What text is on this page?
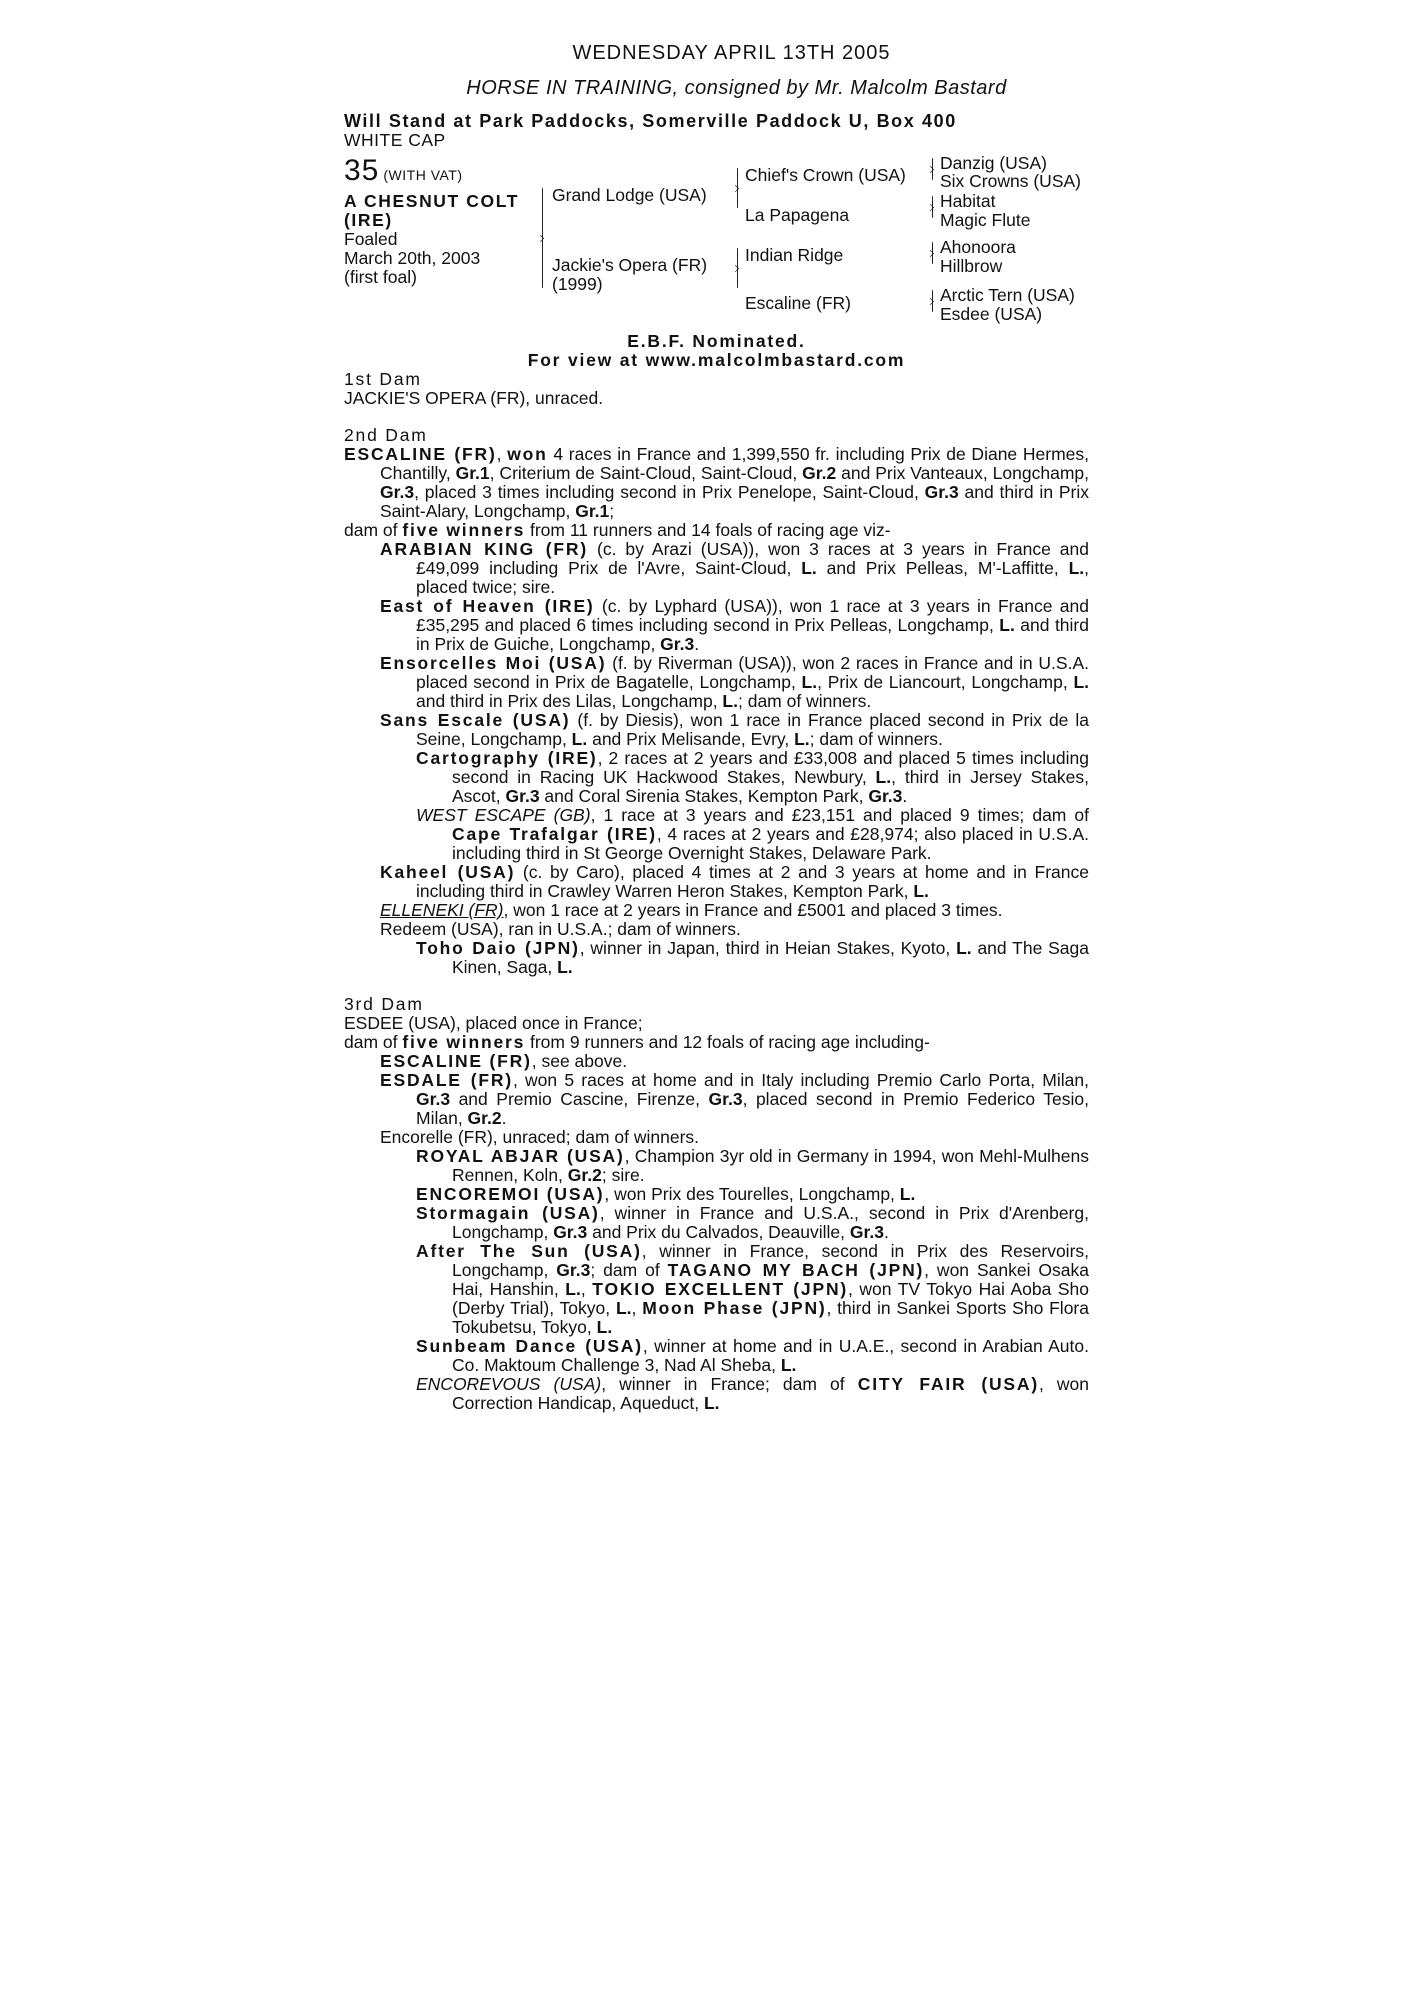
WEDNESDAY APRIL 13TH 2005
HORSE IN TRAINING, consigned by Mr. Malcolm Bastard
Will Stand at Park Paddocks, Somerville Paddock U, Box 400
WHITE CAP
35 (WITH VAT)
A CHESNUT COLT
(IRE)
Foaled
March 20th, 2003
(first foal)
Grand Lodge (USA)
Jackie's Opera (FR)
(1999)
Chief's Crown (USA)
La Papagena
Indian Ridge
Escaline (FR)
Danzig (USA)
Six Crowns (USA)
Habitat
Magic Flute
Ahonoora
Hillbrow
Arctic Tern (USA)
Esdee (USA)
E.B.F. Nominated.
For view at www.malcolmbastard.com
1st Dam
JACKIE'S OPERA (FR), unraced.
2nd Dam
ESCALINE (FR), won 4 races in France and 1,399,550 fr. including Prix de Diane Hermes, Chantilly, Gr.1, Criterium de Saint-Cloud, Saint-Cloud, Gr.2 and Prix Vanteaux, Longchamp, Gr.3, placed 3 times including second in Prix Penelope, Saint-Cloud, Gr.3 and third in Prix Saint-Alary, Longchamp, Gr.1;
dam of five winners from 11 runners and 14 foals of racing age viz-
ARABIAN KING (FR) (c. by Arazi (USA)), won 3 races at 3 years in France and £49,099 including Prix de l'Avre, Saint-Cloud, L. and Prix Pelleas, M'-Laffitte, L., placed twice; sire.
East of Heaven (IRE) (c. by Lyphard (USA)), won 1 race at 3 years in France and £35,295 and placed 6 times including second in Prix Pelleas, Longchamp, L. and third in Prix de Guiche, Longchamp, Gr.3.
Ensorcelles Moi (USA) (f. by Riverman (USA)), won 2 races in France and in U.S.A. placed second in Prix de Bagatelle, Longchamp, L., Prix de Liancourt, Longchamp, L. and third in Prix des Lilas, Longchamp, L.; dam of winners.
Sans Escale (USA) (f. by Diesis), won 1 race in France placed second in Prix de la Seine, Longchamp, L. and Prix Melisande, Evry, L.; dam of winners.
Cartography (IRE), 2 races at 2 years and £33,008 and placed 5 times including second in Racing UK Hackwood Stakes, Newbury, L., third in Jersey Stakes, Ascot, Gr.3 and Coral Sirenia Stakes, Kempton Park, Gr.3.
WEST ESCAPE (GB), 1 race at 3 years and £23,151 and placed 9 times; dam of Cape Trafalgar (IRE), 4 races at 2 years and £28,974; also placed in U.S.A. including third in St George Overnight Stakes, Delaware Park.
Kaheel (USA) (c. by Caro), placed 4 times at 2 and 3 years at home and in France including third in Crawley Warren Heron Stakes, Kempton Park, L.
ELLENEKI (FR), won 1 race at 2 years in France and £5001 and placed 3 times.
Redeem (USA), ran in U.S.A.; dam of winners.
Toho Daio (JPN), winner in Japan, third in Heian Stakes, Kyoto, L. and The Saga Kinen, Saga, L.
3rd Dam
ESDEE (USA), placed once in France;
dam of five winners from 9 runners and 12 foals of racing age including-
ESCALINE (FR), see above.
ESDALE (FR), won 5 races at home and in Italy including Premio Carlo Porta, Milan, Gr.3 and Premio Cascine, Firenze, Gr.3, placed second in Premio Federico Tesio, Milan, Gr.2.
Encorelle (FR), unraced; dam of winners.
ROYAL ABJAR (USA), Champion 3yr old in Germany in 1994, won Mehl-Mulhens Rennen, Koln, Gr.2; sire.
ENCOREMOI (USA), won Prix des Tourelles, Longchamp, L.
Stormagain (USA), winner in France and U.S.A., second in Prix d'Arenberg, Longchamp, Gr.3 and Prix du Calvados, Deauville, Gr.3.
After The Sun (USA), winner in France, second in Prix des Reservoirs, Longchamp, Gr.3; dam of TAGANO MY BACH (JPN), won Sankei Osaka Hai, Hanshin, L., TOKIO EXCELLENT (JPN), won TV Tokyo Hai Aoba Sho (Derby Trial), Tokyo, L., Moon Phase (JPN), third in Sankei Sports Sho Flora Tokubetsu, Tokyo, L.
Sunbeam Dance (USA), winner at home and in U.A.E., second in Arabian Auto. Co. Maktoum Challenge 3, Nad Al Sheba, L.
ENCOREVOUS (USA), winner in France; dam of CITY FAIR (USA), won Correction Handicap, Aqueduct, L.
